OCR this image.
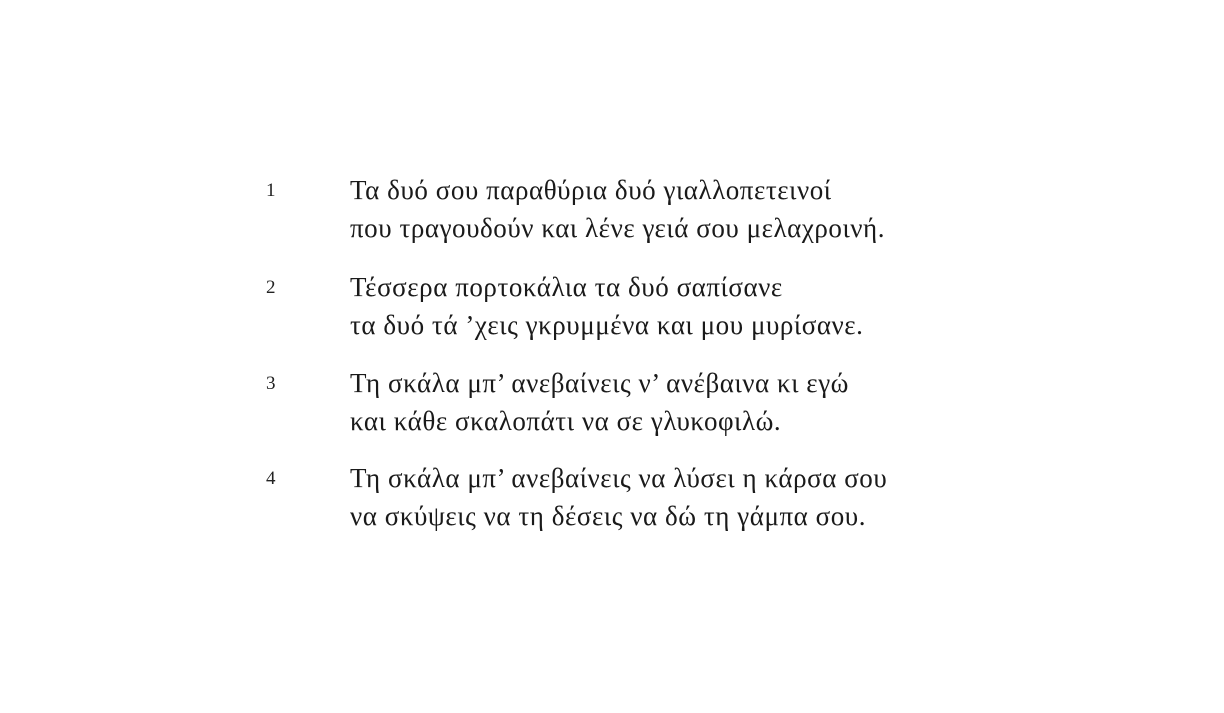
1	Τα δυό σου παραθύρια δυό γιαλλοπετεινοί
που τραγουδούν και λένε γειά σου μελαχροινή.
2	Τέσσερα πορτοκάλια τα δυό σαπίσανε
τα δυό τά ’χεις γκρυμμένα και μου μυρίσανε.
3	Τη σκάλα μπ’ ανεβαίνεις ν’ ανέβαινα κι εγώ
και κάθε σκαλοπάτι να σε γλυκοφιλώ.
4	Τη σκάλα μπ’ ανεβαίνεις να λύσει η κάρσα σου
να σκύψεις να τη δέσεις να δώ τη γάμπα σου.
